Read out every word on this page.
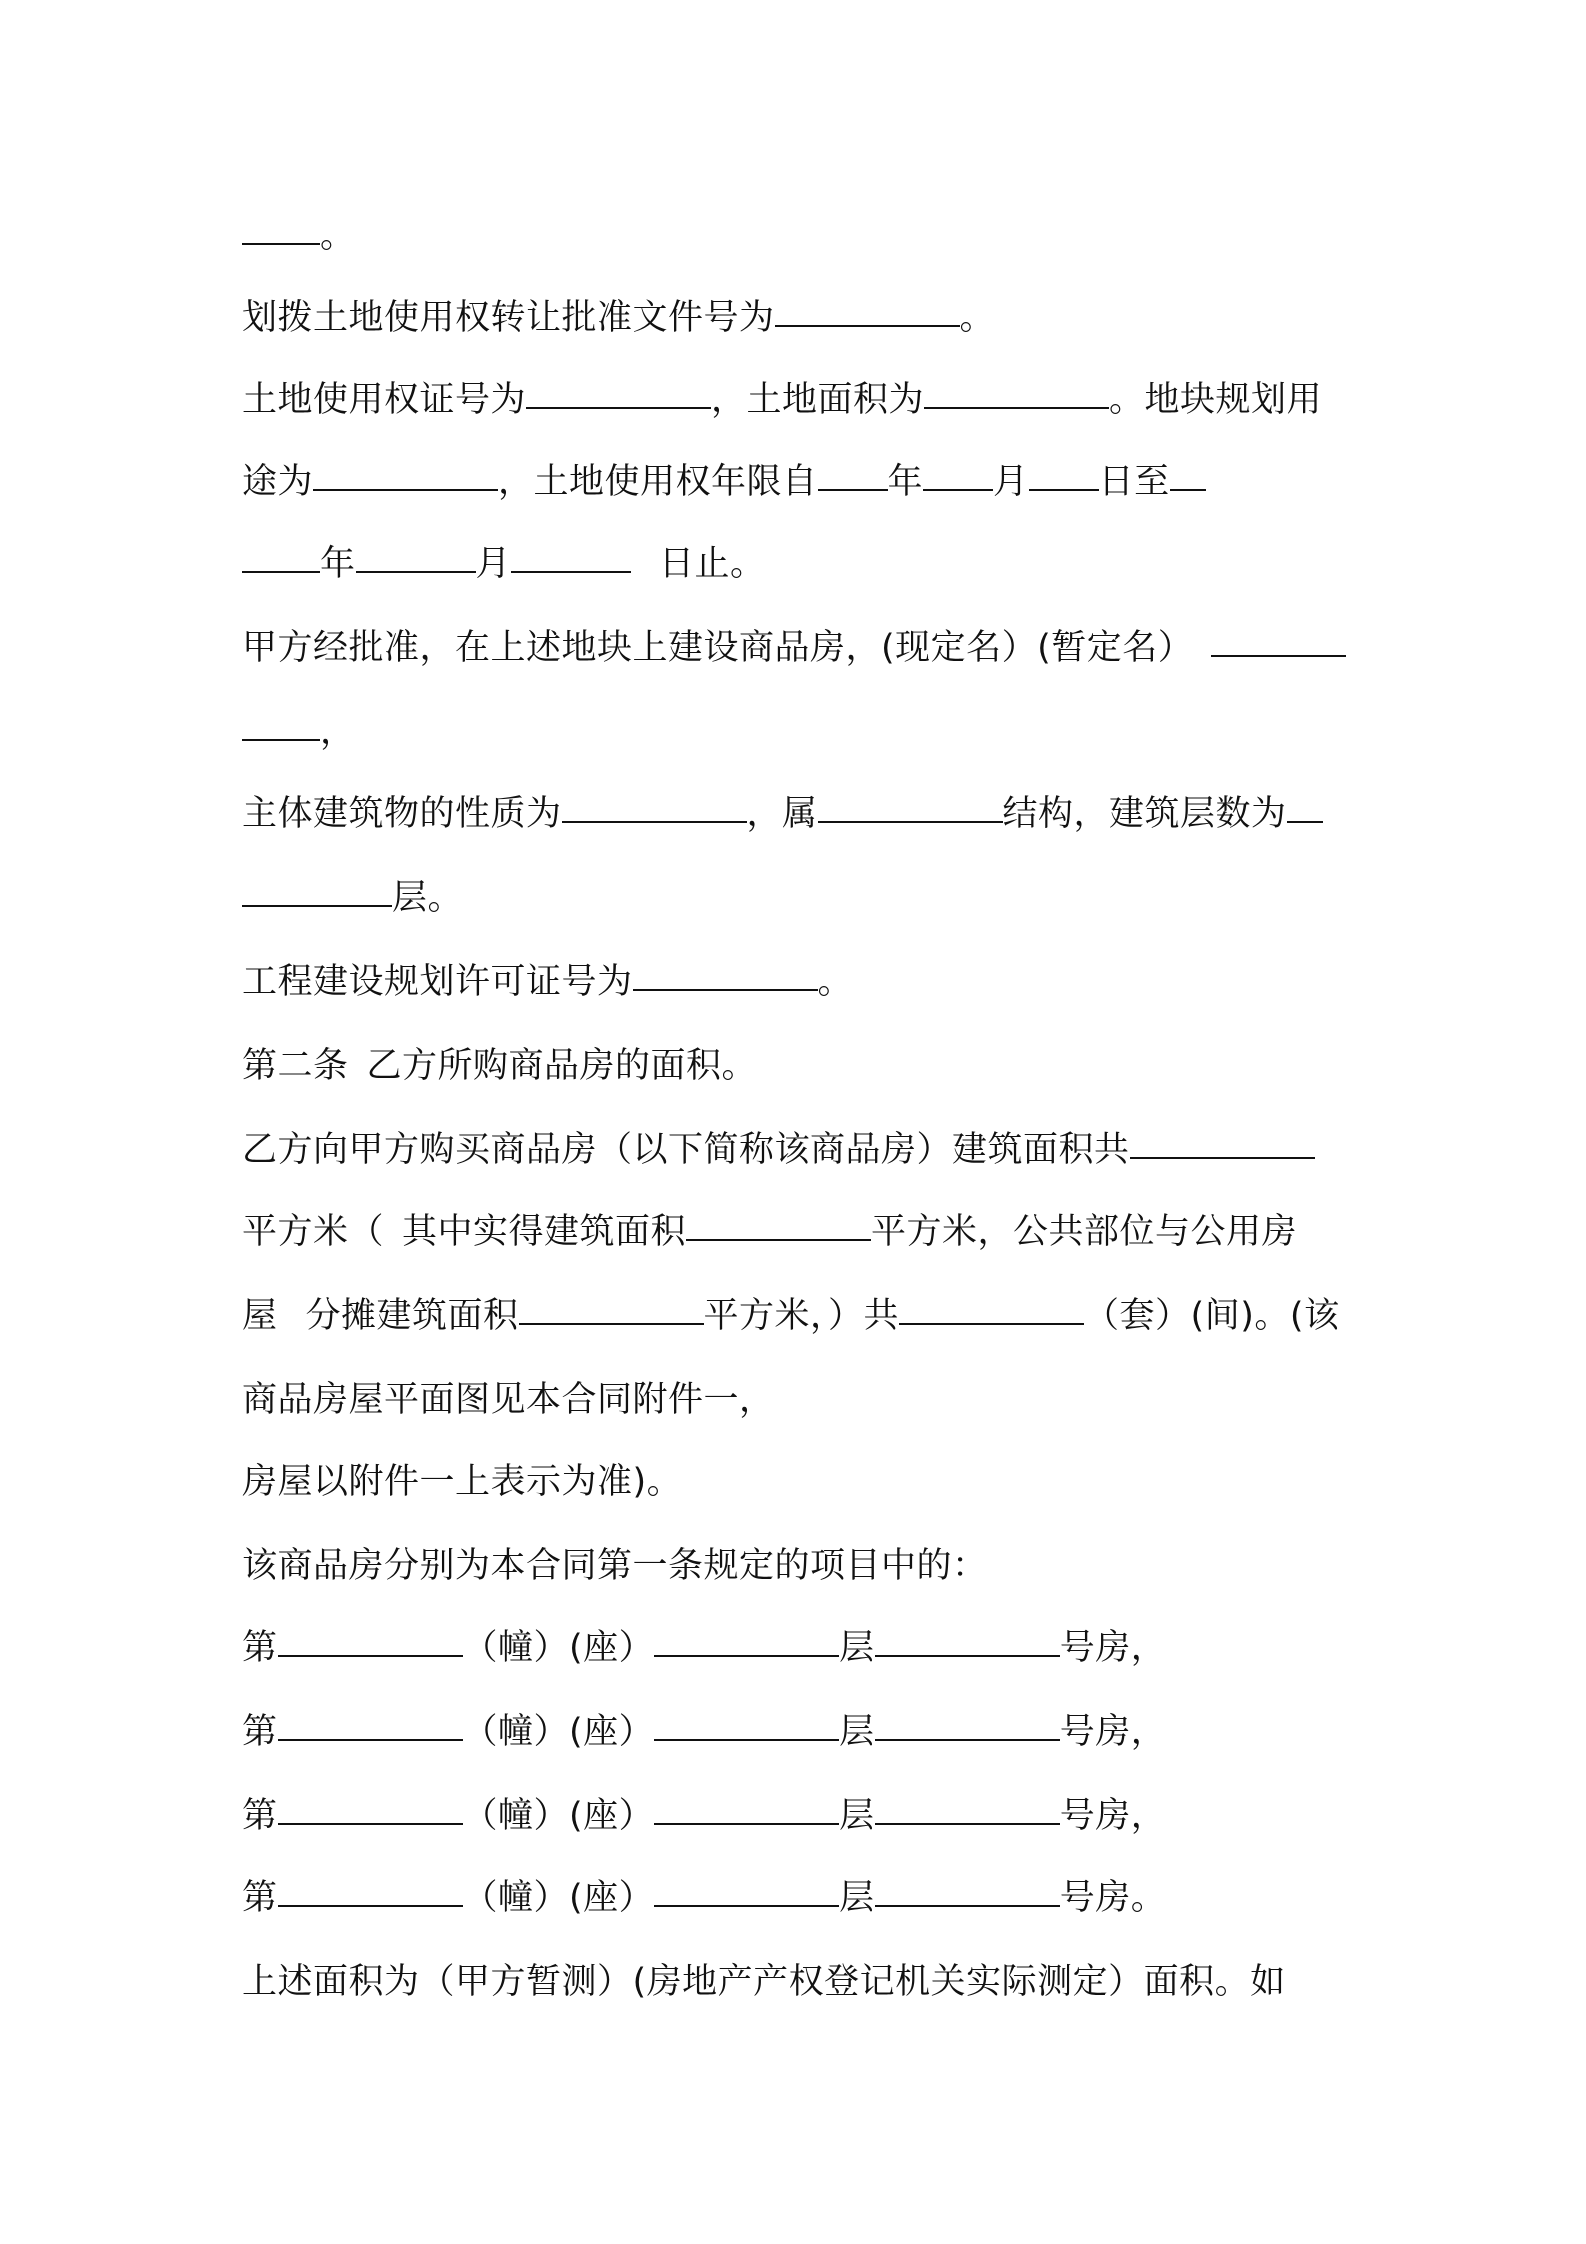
。
划拨土地使用权转让批准文件号为	。
土地使用权证号为	，土地面积为	。地块规划用
途为	，土地使用权年限自 年 月 日至
年	月	日止。
甲方经批准，在上述地块上建设商品房，(现定名）(暂定名）
，
主体建筑物的性质为	，属	结构，建筑层数为
层。
工程建设规划许可证号为	。
第二条 乙方所购商品房的面积。
乙方向甲方购买商品房（以下简称该商品房）建筑面积共
平方米（ 其中实得建筑面积	平方米，公共部位与公用房
屋 分摊建筑面积	平方米，）共	（套）(间)。(该
商品房屋平面图见本合同附件一，
房屋以附件一上表示为准)。
该商品房分别为本合同第一条规定的项目中的：
第	（幢）(座）	层	号房，
第	（幢）(座）	层	号房，
第	（幢）(座）	层	号房，
第	（幢）(座）	层	号房。
上述面积为（甲方暂测）(房地产产权登记机关实际测定）面积。如
